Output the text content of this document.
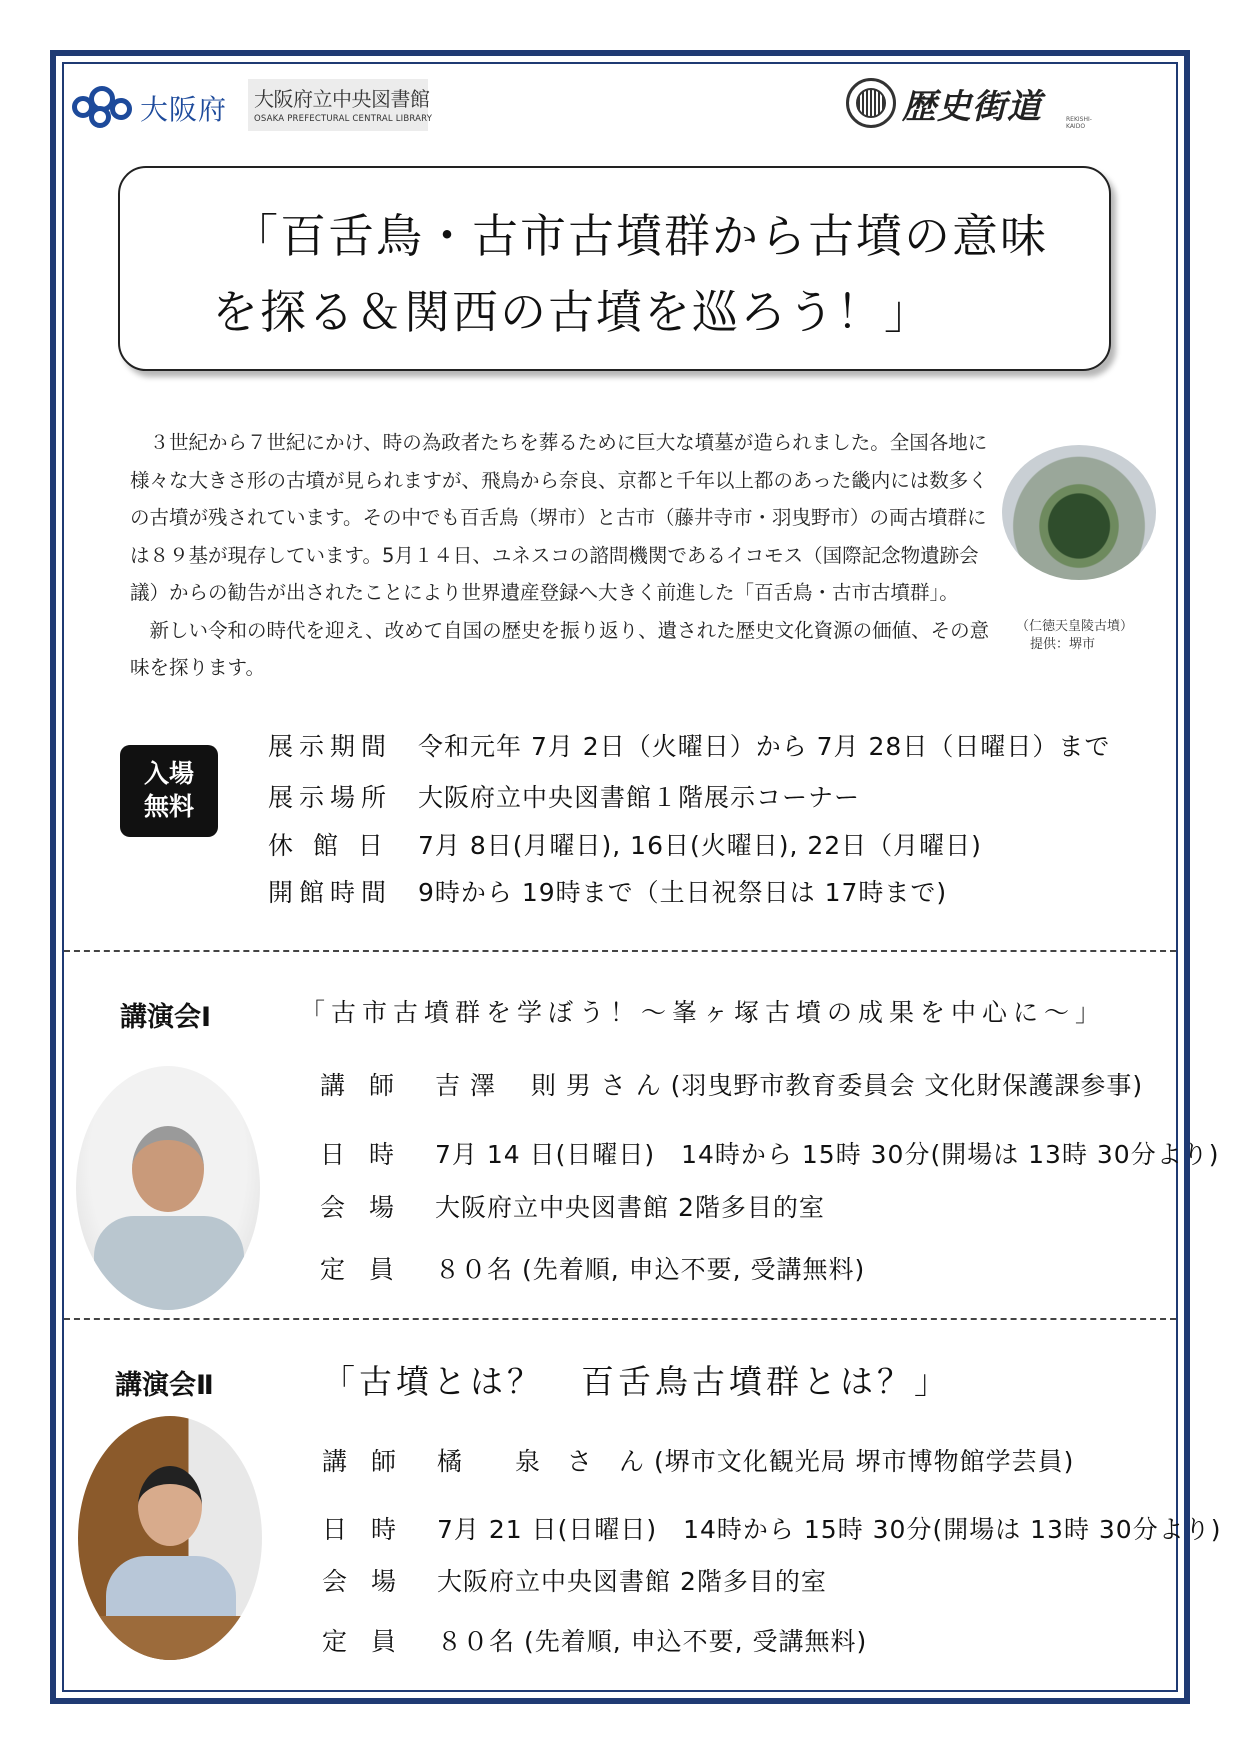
大阪府 大阪府立中央図書館
OSAKA PREFECTURAL CENTRAL LIBRARY	歴史街道	REKISHI-KAIDO
「百舌鳥・古市古墳群から古墳の意味
を探る＆関西の古墳を巡ろう！」

３世紀から７世紀にかけ、時の為政者たちを葬るために巨大な墳墓が造られました。全国各地に様々な大きさ形の古墳が見られますが、飛鳥から奈良、京都と千年以上都のあった畿内には数多くの古墳が残されています。その中でも百舌鳥（堺市）と古市（藤井寺市・羽曳野市）の両古墳群には８９基が現存しています。5月１４日、ユネスコの諮問機関であるイコモス（国際記念物遺跡会議）からの勧告が出されたことにより世界遺産登録へ大きく前進した「百舌鳥・古市古墳群」。

新しい令和の時代を迎え、改めて自国の歴史を振り返り、遺された歴史文化資源の価値、その意味を探ります。

（仁徳天皇陵古墳）
提供：堺市
入場
無料
展示期間 令和元年 7月 2日（火曜日）から 7月 28日（日曜日）まで
展示場所 大阪府立中央図書館１階展示コーナー
休 館 日 7月 8日(月曜日), 16日(火曜日), 22日（月曜日)
開館時間 9時から 19時まで（土日祝祭日は 17時まで)
講演会Ⅰ	「古市古墳群を学ぼう！～峯ヶ塚古墳の成果を中心に～」
講師 吉 澤　 則 男 さ ん (羽曳野市教育委員会 文化財保護課参事)
日時 7月 14 日(日曜日)　14時から 15時 30分(開場は 13時 30分より)
会場 大阪府立中央図書館 2階多目的室
定員 ８０名 (先着順, 申込不要, 受講無料)
講演会Ⅱ	「古墳とは？　百舌鳥古墳群とは？」
講師 橘　　泉　さ　ん (堺市文化観光局 堺市博物館学芸員)
日時 7月 21 日(日曜日)　14時から 15時 30分(開場は 13時 30分より)
会場 大阪府立中央図書館 2階多目的室
定員 ８０名 (先着順, 申込不要, 受講無料)
